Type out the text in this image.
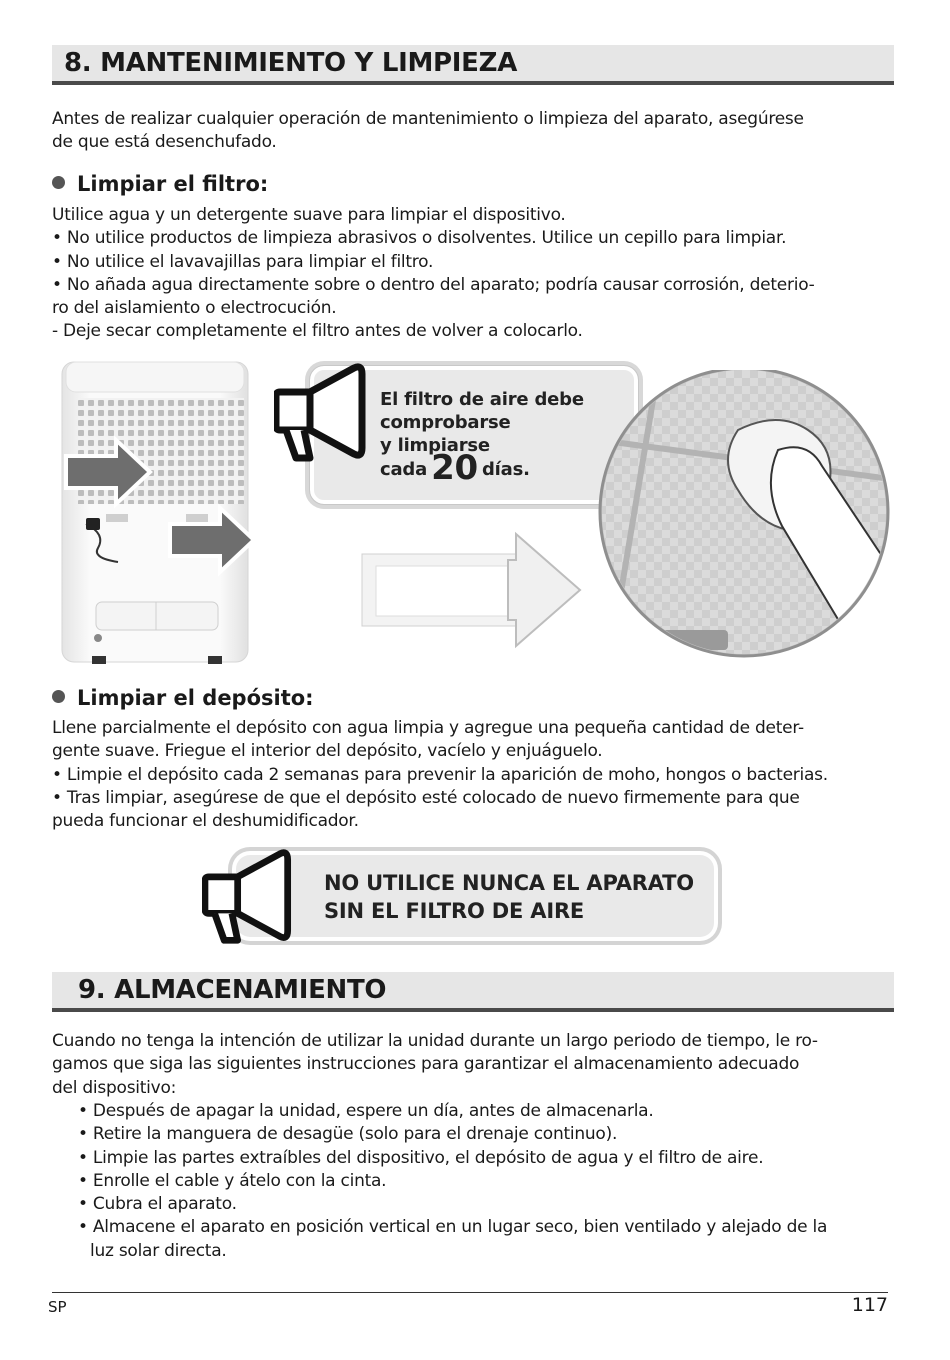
8. MANTENIMIENTO Y LIMPIEZA

Antes de realizar cualquier operación de mantenimiento o limpieza del aparato, asegúrese

de que está desenchufado.

Limpiar el filtro:

Utilice agua y un detergente suave para limpiar el dispositivo.

• No utilice productos de limpieza abrasivos o disolventes. Utilice un cepillo para limpiar.

• No utilice el lavavajillas para limpiar el filtro.

• No añada agua directamente sobre o dentro del aparato; podría causar corrosión, deterio-

ro del aislamiento o electrocución.

- Deje secar completamente el filtro antes de volver a colocarlo.

El filtro de aire debe
comprobarse
y limpiarse
cada 20 días.
Limpiar el depósito:

Llene parcialmente el depósito con agua limpia y agregue una pequeña cantidad de deter-

gente suave. Friegue el interior del depósito, vacíelo y enjuáguelo.

• Limpie el depósito cada 2 semanas para prevenir la aparición de moho, hongos o bacterias.

• Tras limpiar, asegúrese de que el depósito esté colocado de nuevo firmemente para que

pueda funcionar el deshumidificador.

NO UTILICE NUNCA EL APARATO
SIN EL FILTRO DE AIRE
9. ALMACENAMIENTO

Cuando no tenga la intención de utilizar la unidad durante un largo periodo de tiempo, le ro-

gamos que siga las siguientes instrucciones para garantizar el almacenamiento adecuado

del dispositivo:

• Después de apagar la unidad, espere un día, antes de almacenarla.

• Retire la manguera de desagüe (solo para el drenaje continuo).

• Limpie las partes extraíbles del dispositivo, el depósito de agua y el filtro de aire.

• Enrolle el cable y átelo con la cinta.

• Cubra el aparato.

• Almacene el aparato en posición vertical en un lugar seco, bien ventilado y alejado de la

luz solar directa.

SP	117
